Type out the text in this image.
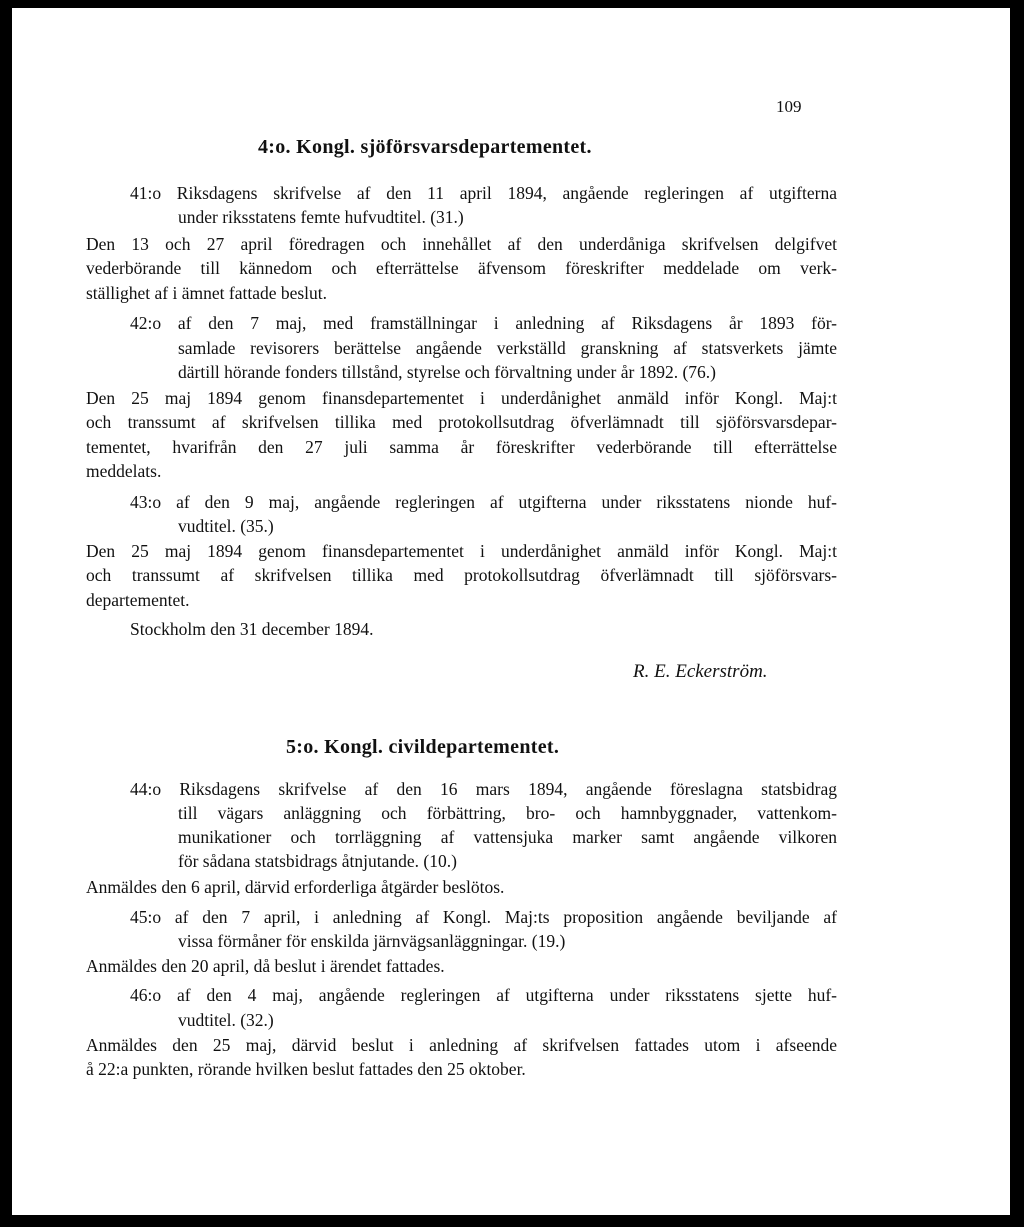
109
4:o. Kongl. sjöförsvarsdepartementet.
41:o Riksdagens skrifvelse af den 11 april 1894, angående regleringen af utgifterna
under riksstatens femte hufvudtitel. (31.)
Den 13 och 27 april föredragen och innehållet af den underdåniga skrifvelsen delgifvet
vederbörande till kännedom och efterrättelse äfvensom föreskrifter meddelade om verk-
ställighet af i ämnet fattade beslut.
42:o af den 7 maj, med framställningar i anledning af Riksdagens år 1893 för-
samlade revisorers berättelse angående verkställd granskning af statsverkets jämte
därtill hörande fonders tillstånd, styrelse och förvaltning under år 1892. (76.)
Den 25 maj 1894 genom finansdepartementet i underdånighet anmäld inför Kongl. Maj:t
och transsumt af skrifvelsen tillika med protokollsutdrag öfverlämnadt till sjöförsvarsdepar-
tementet, hvarifrån den 27 juli samma år föreskrifter vederbörande till efterrättelse
meddelats.
43:o af den 9 maj, angående regleringen af utgifterna under riksstatens nionde huf-
vudtitel. (35.)
Den 25 maj 1894 genom finansdepartementet i underdånighet anmäld inför Kongl. Maj:t
och transsumt af skrifvelsen tillika med protokollsutdrag öfverlämnadt till sjöförsvars-
departementet.
Stockholm den 31 december 1894.
R. E. Eckerström.
5:o. Kongl. civildepartementet.
44:o Riksdagens skrifvelse af den 16 mars 1894, angående föreslagna statsbidrag
till vägars anläggning och förbättring, bro- och hamnbyggnader, vattenkom-
munikationer och torrläggning af vattensjuka marker samt angående vilkoren
för sådana statsbidrags åtnjutande. (10.)
Anmäldes den 6 april, därvid erforderliga åtgärder beslötos.
45:o af den 7 april, i anledning af Kongl. Maj:ts proposition angående beviljande af
vissa förmåner för enskilda järnvägsanläggningar. (19.)
Anmäldes den 20 april, då beslut i ärendet fattades.
46:o af den 4 maj, angående regleringen af utgifterna under riksstatens sjette huf-
vudtitel. (32.)
Anmäldes den 25 maj, därvid beslut i anledning af skrifvelsen fattades utom i afseende
å 22:a punkten, rörande hvilken beslut fattades den 25 oktober.
